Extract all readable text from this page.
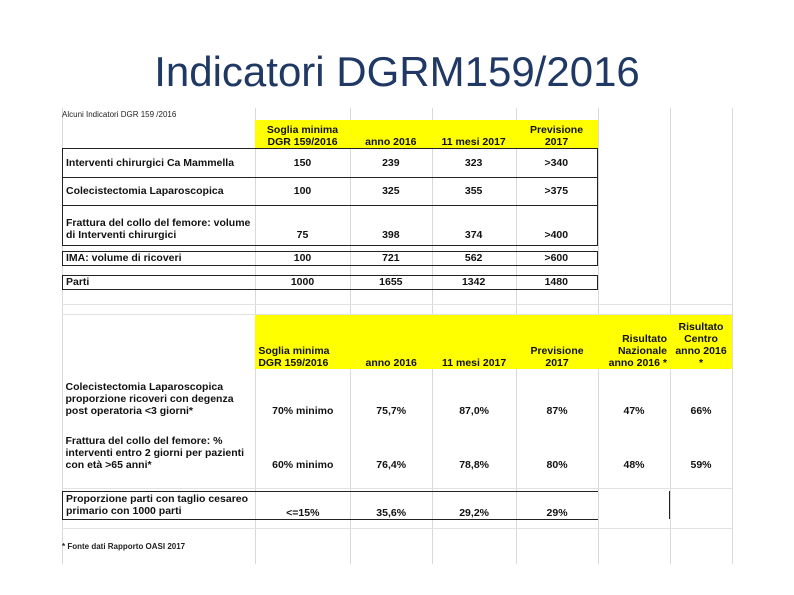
Indicatori DGRM159/2016
Alcuni Indicatori DGR 159 /2016
	Soglia minima DGR 159/2016	anno 2016	11 mesi 2017	Previsione 2017
Interventi chirurgici Ca Mammella	150	239	323	>340
Colecistectomia Laparoscopica	100	325	355	>375
Frattura del collo del femore: volume di Interventi chirurgici	75	398	374	>400

IMA: volume di ricoveri	100	721	562	>600

Parti	1000	1655	1342	1480
	Soglia minima DGR 159/2016	anno 2016	11 mesi 2017	Previsione 2017	Risultato Nazionale anno 2016 *	Risultato Centro anno 2016 *
Colecistectomia Laparoscopica proporzione ricoveri con degenza post operatoria <3 giorni*	70% minimo	75,7%	87,0%	87%	47%	66%

Frattura del collo del femore: % interventi entro 2 giorni per pazienti con età >65 anni*	60% minimo	76,4%	78,8%	80%	48%	59%

Proporzione parti con taglio cesareo primario con 1000 parti	<=15%	35,6%	29,2%	29%		
* Fonte dati Rapporto OASI 2017
